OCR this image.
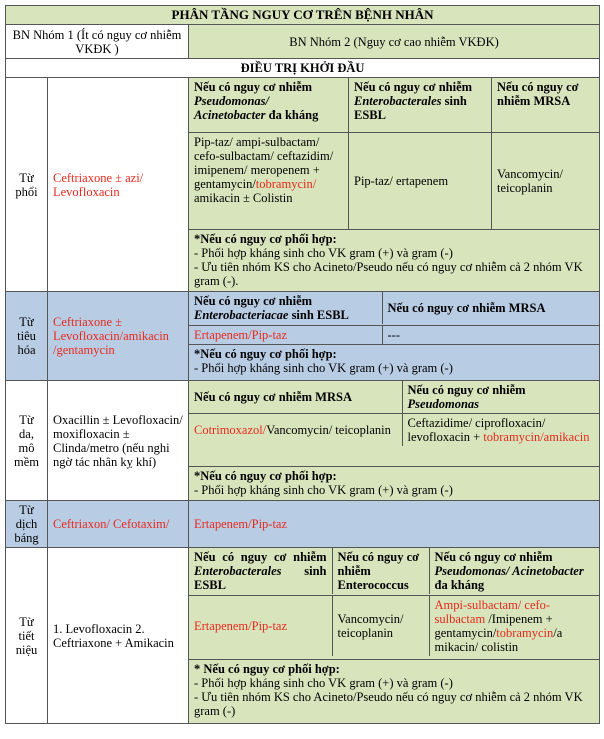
PHÂN TẦNG NGUY CƠ TRÊN BỆNH NHÂN
BN Nhóm 1 (Ít có nguy cơ nhiễm VKĐK )	BN Nhóm 2 (Nguy cơ cao nhiễm VKĐK)
ĐIỀU TRỊ KHỞI ĐẦU
Từ phổi	Ceftriaxone ± azi/ Levofloxacin	Nếu có nguy cơ nhiễm Pseudomonas/ Acinetobacter đa kháng	Nếu có nguy cơ nhiễm Enterobacterales sinh ESBL	Nếu có nguy cơ nhiễm MRSA
Pip-taz/ ampi-sulbactam/ cefo-sulbactam/ ceftazidim/ imipenem/ meropenem + gentamycin/tobramycin/ amikacin ± Colistin	Pip-taz/ ertapenem	Vancomycin/ teicoplanin

*Nếu có nguy cơ phối hợp:
- Phối hợp kháng sinh cho VK gram (+) và gram (-)
- Ưu tiên nhóm KS cho Acineto/Pseudo nếu có nguy cơ nhiễm cả 2 nhóm VK gram (-).

Từ tiêu hóa	Ceftriaxone ± Levofloxacin/amikacin /gentamycin	
Nếu có nguy cơ nhiễm Enterobacteriacae sinh ESBL	Nếu có nguy cơ nhiễm MRSA

Ertapenem/Pip-taz	---

*Nếu có nguy cơ phối hợp:
- Phối hợp kháng sinh cho VK gram (+) và gram (-)

Từ da, mô mềm	Oxacillin ± Levofloxacin/ moxifloxacin ± Clinda/metro (nếu nghi ngờ tác nhân kỵ khí)	
Nếu có nguy cơ nhiễm MRSA	Nếu có nguy cơ nhiễm Pseudomonas

Cotrimoxazol/Vancomycin/ teicoplanin	Ceftazidime/ ciprofloxacin/ levofloxacin + tobramycin/amikacin

*Nếu có nguy cơ phối hợp:
- Phối hợp kháng sinh cho VK gram (+) và gram (-)

Từ dịch báng	Ceftriaxon/ Cefotaxim/	Ertapenem/Pip-taz
Từ tiết niệu	1. Levofloxacin 2. Ceftriaxone + Amikacin	
Nếu có nguy cơ nhiễm Enterobacterales sinh ESBL	Nếu có nguy cơ nhiễm Enterococcus	Nếu có nguy cơ nhiễm Pseudomonas/ Acinetobacter đa kháng

Ertapenem/Pip-taz	Vancomycin/ teicoplanin	Ampi-sulbactam/ cefo-sulbactam /Imipenem + gentamycin/tobramycin/a mikacin/ colistin

* Nếu có nguy cơ phối hợp:
- Phối hợp kháng sinh cho VK gram (+) và gram (-)
- Ưu tiên nhóm KS cho Acineto/Pseudo nếu có nguy cơ nhiễm cả 2 nhóm VK gram (-)
